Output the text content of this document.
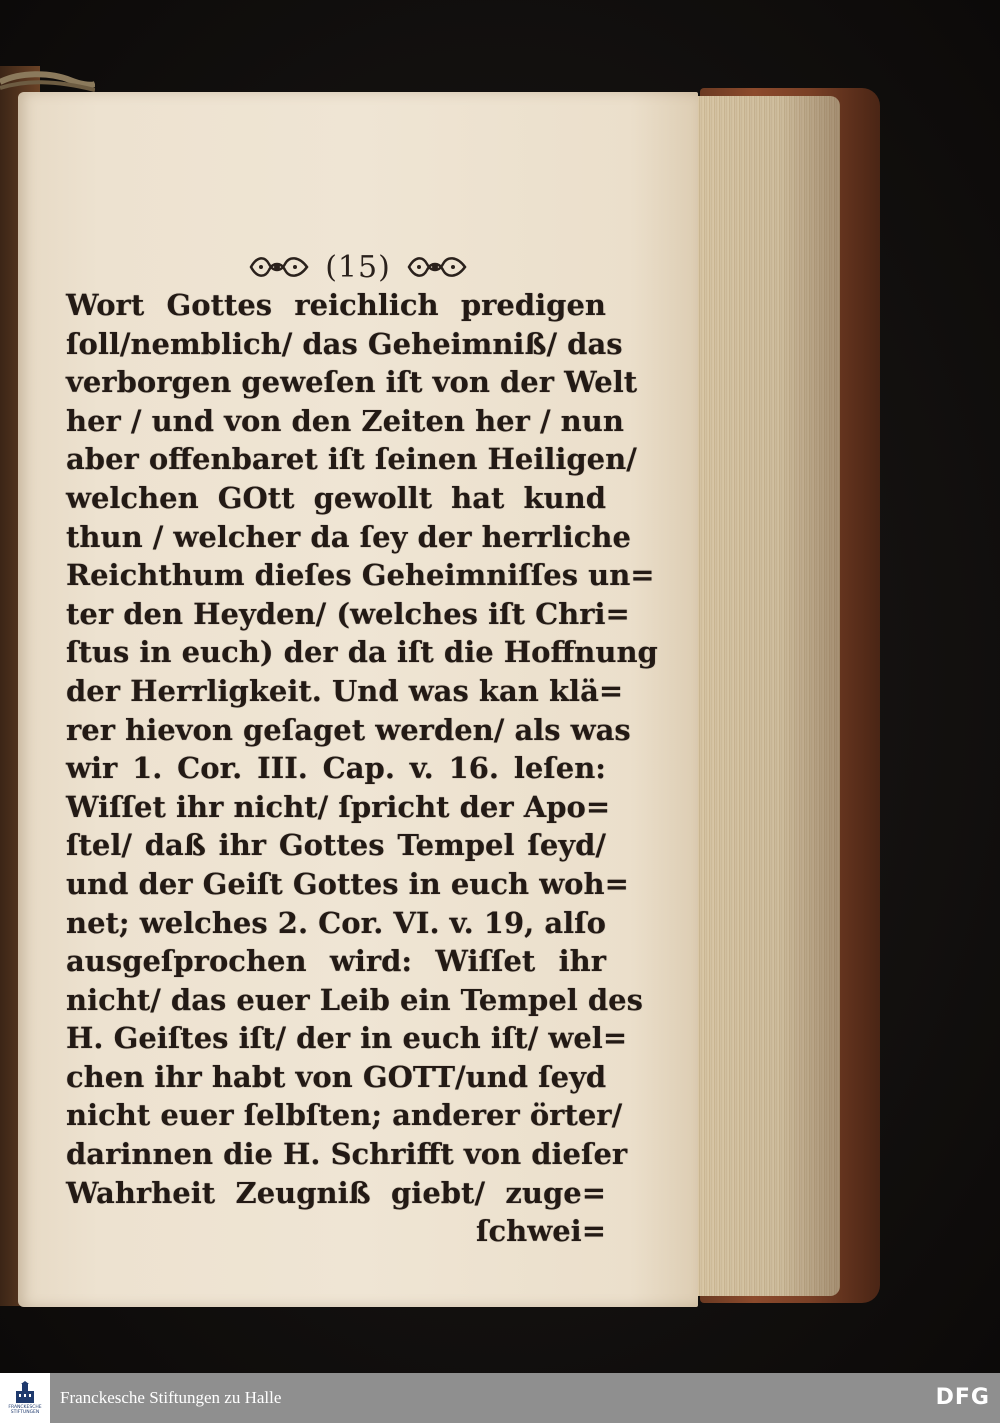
(15)
Wort Gottes reichlich predigen
ſoll/nemblich/ das Geheimniß/ das
verborgen geweſen iſt von der Welt
her / und von den Zeiten her / nun
aber offenbaret iſt ſeinen Heiligen/
welchen GOtt gewollt hat kund
thun / welcher da ſey der herrliche
Reichthum dieſes Geheimniſſes un=
ter den Heyden/ (welches iſt Chri=
ſtus in euch) der da iſt die Hoffnung
der Herrligkeit. Und was kan klä=
rer hievon geſaget werden/ als was
wir 1. Cor. III. Cap. v. 16. leſen:
Wiſſet ihr nicht/ ſpricht der Apo=
ſtel/ daß ihr Gottes Tempel ſeyd/
und der Geiſt Gottes in euch woh=
net; welches 2. Cor. VI. v. 19, alſo
ausgeſprochen wird: Wiſſet ihr
nicht/ das euer Leib ein Tempel des
H. Geiſtes iſt/ der in euch iſt/ wel=
chen ihr habt von GOTT/und ſeyd
nicht euer ſelbſten; anderer örter/
darinnen die H. Schrifft von dieſer
Wahrheit Zeugniß giebt/ zuge=
ſchwei=
FRANCKESCHE
STIFTUNGEN
Franckesche Stiftungen zu Halle	DFG
